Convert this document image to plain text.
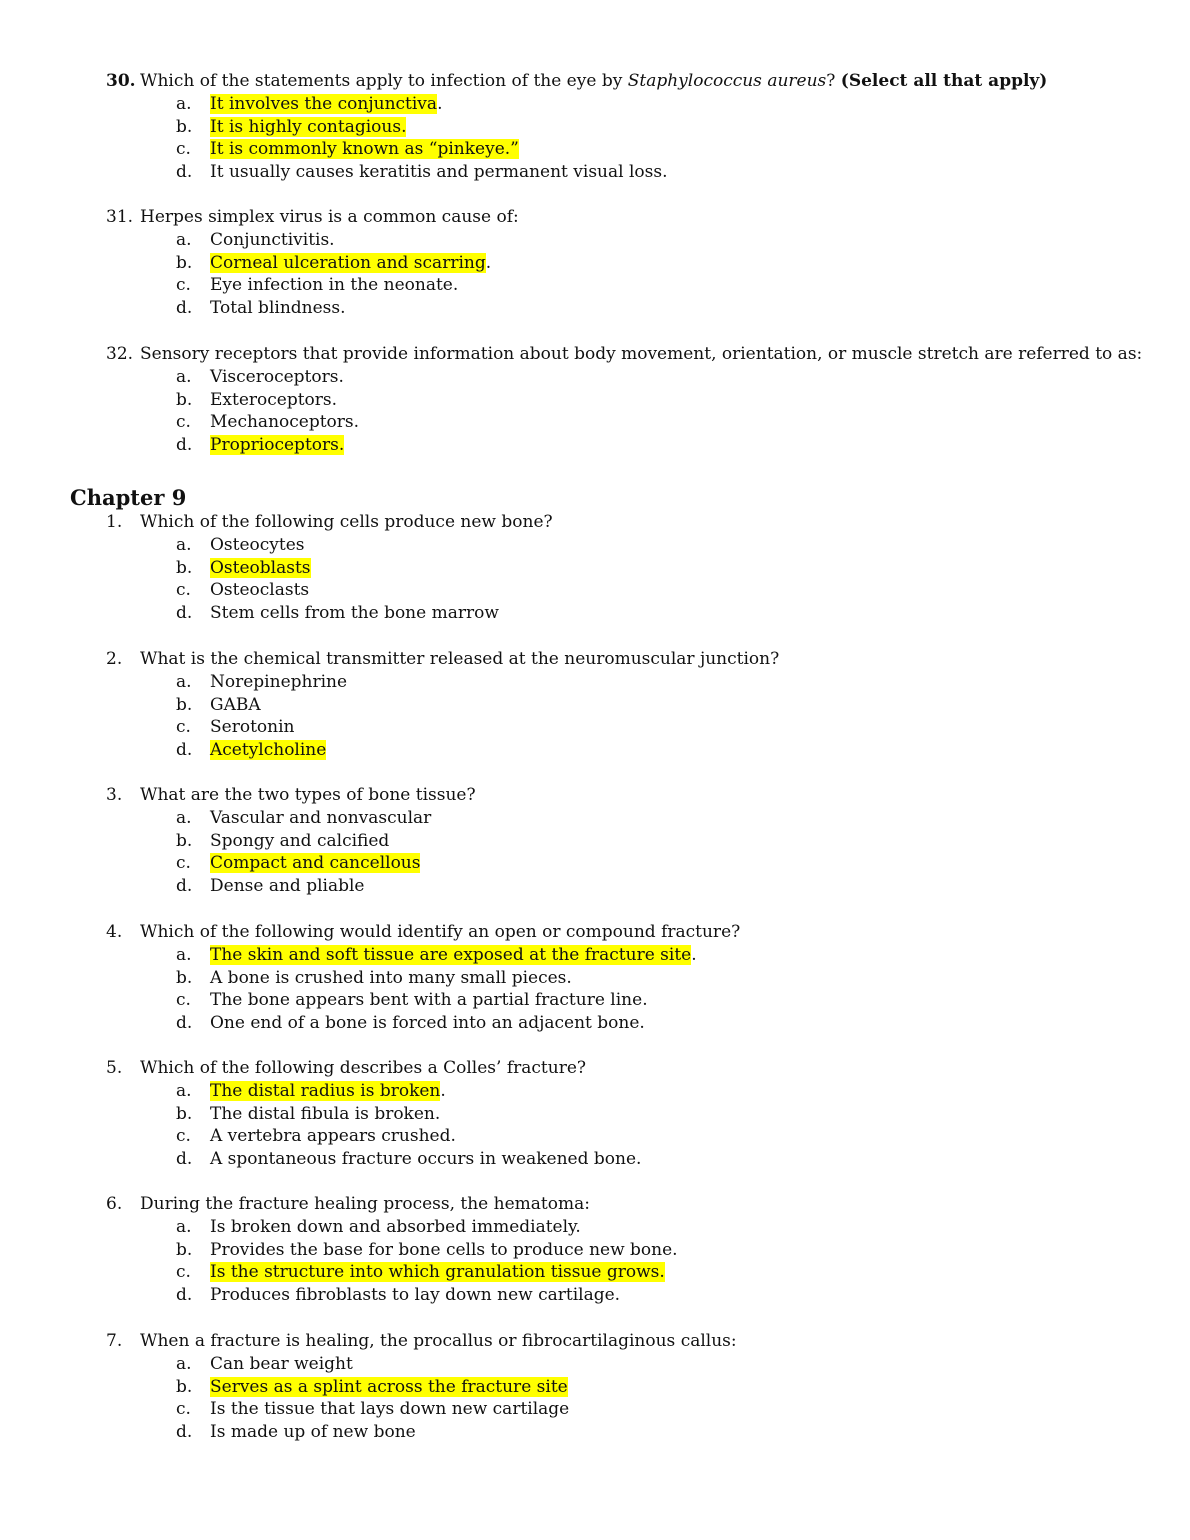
30. Which of the statements apply to infection of the eye by Staphylococcus aureus? (Select all that apply)
a. It involves the conjunctiva.
b. It is highly contagious.
c. It is commonly known as “pinkeye.”
d. It usually causes keratitis and permanent visual loss.
31. Herpes simplex virus is a common cause of:
a. Conjunctivitis.
b. Corneal ulceration and scarring.
c. Eye infection in the neonate.
d. Total blindness.
32. Sensory receptors that provide information about body movement, orientation, or muscle stretch are referred to as:
a. Visceroceptors.
b. Exteroceptors.
c. Mechanoceptors.
d. Proprioceptors.
Chapter 9
1. Which of the following cells produce new bone?
a. Osteocytes
b. Osteoblasts
c. Osteoclasts
d. Stem cells from the bone marrow
2. What is the chemical transmitter released at the neuromuscular junction?
a. Norepinephrine
b. GABA
c. Serotonin
d. Acetylcholine
3. What are the two types of bone tissue?
a. Vascular and nonvascular
b. Spongy and calcified
c. Compact and cancellous
d. Dense and pliable
4. Which of the following would identify an open or compound fracture?
a. The skin and soft tissue are exposed at the fracture site.
b. A bone is crushed into many small pieces.
c. The bone appears bent with a partial fracture line.
d. One end of a bone is forced into an adjacent bone.
5. Which of the following describes a Colles’ fracture?
a. The distal radius is broken.
b. The distal fibula is broken.
c. A vertebra appears crushed.
d. A spontaneous fracture occurs in weakened bone.
6. During the fracture healing process, the hematoma:
a. Is broken down and absorbed immediately.
b. Provides the base for bone cells to produce new bone.
c. Is the structure into which granulation tissue grows.
d. Produces fibroblasts to lay down new cartilage.
7. When a fracture is healing, the procallus or fibrocartilaginous callus:
a. Can bear weight
b. Serves as a splint across the fracture site
c. Is the tissue that lays down new cartilage
d. Is made up of new bone
